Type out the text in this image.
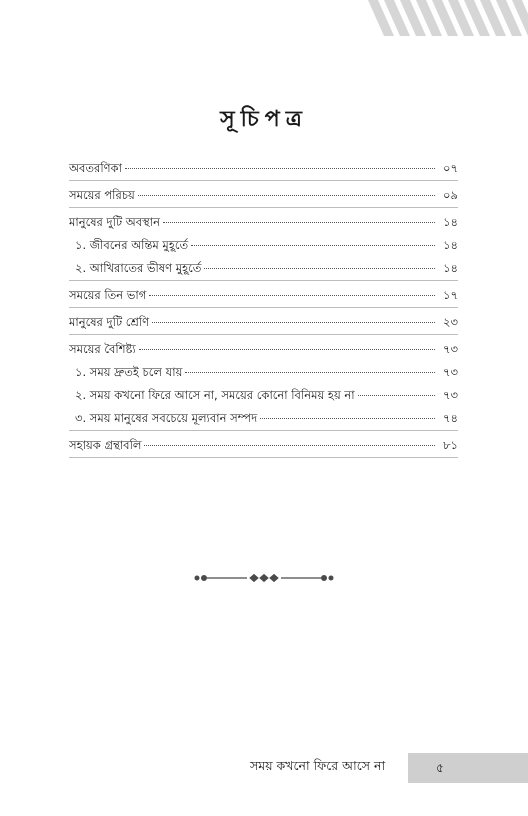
সূচিপত্র
অবতরণিকা	০৭
সময়ের পরিচয়	০৯
মানুষের দুটি অবস্থান	১৪
১. জীবনের অন্তিম মুহূর্তে	১৪
২. আখিরাতের ভীষণ মুহূর্তে	১৪
সময়ের তিন ভাগ	১৭
মানুষের দুটি শ্রেণি	২৩
সময়ের বৈশিষ্ট্য	৭৩
১. সময় দ্রুতই চলে যায়	৭৩
২. সময় কখনো ফিরে আসে না, সময়ের কোনো বিনিময় হয় না	৭৩
৩. সময় মানুষের সবচেয়ে মূল্যবান সম্পদ	৭৪
সহায়ক গ্রন্থাবলি	৮১
সময় কখনো ফিরে আসে না	৫
